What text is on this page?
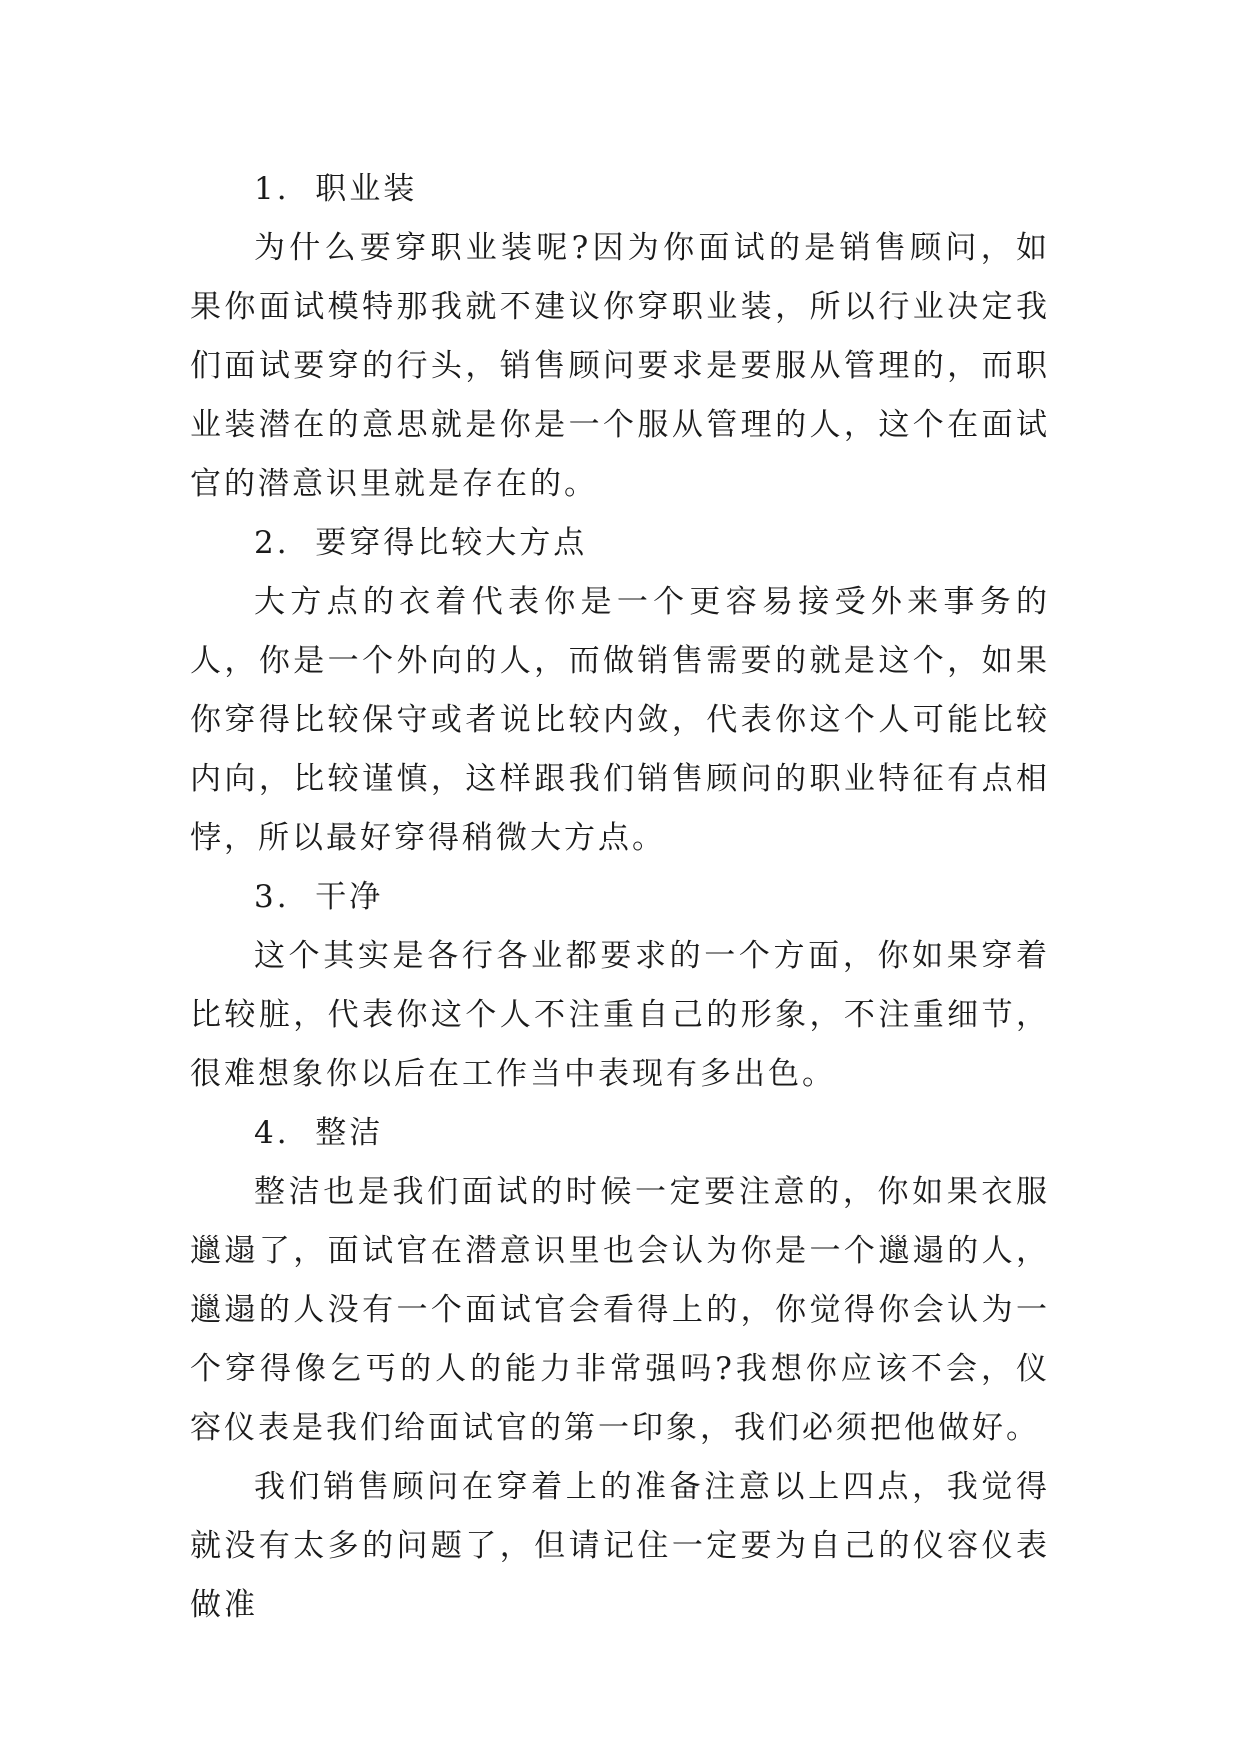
1.  职业装

为什么要穿职业装呢?因为你面试的是销售顾问，如果你面试模特那我就不建议你穿职业装，所以行业决定我们面试要穿的行头，销售顾问要求是要服从管理的，而职业装潜在的意思就是你是一个服从管理的人，这个在面试官的潜意识里就是存在的。

2.  要穿得比较大方点

大方点的衣着代表你是一个更容易接受外来事务的人，你是一个外向的人，而做销售需要的就是这个，如果你穿得比较保守或者说比较内敛，代表你这个人可能比较内向，比较谨慎，这样跟我们销售顾问的职业特征有点相悖，所以最好穿得稍微大方点。

3.  干净

这个其实是各行各业都要求的一个方面，你如果穿着比较脏，代表你这个人不注重自己的形象，不注重细节，很难想象你以后在工作当中表现有多出色。

4.  整洁

整洁也是我们面试的时候一定要注意的，你如果衣服邋遢了，面试官在潜意识里也会认为你是一个邋遢的人，邋遢的人没有一个面试官会看得上的，你觉得你会认为一个穿得像乞丐的人的能力非常强吗?我想你应该不会，仪容仪表是我们给面试官的第一印象，我们必须把他做好。

我们销售顾问在穿着上的准备注意以上四点，我觉得就没有太多的问题了，但请记住一定要为自己的仪容仪表做准
